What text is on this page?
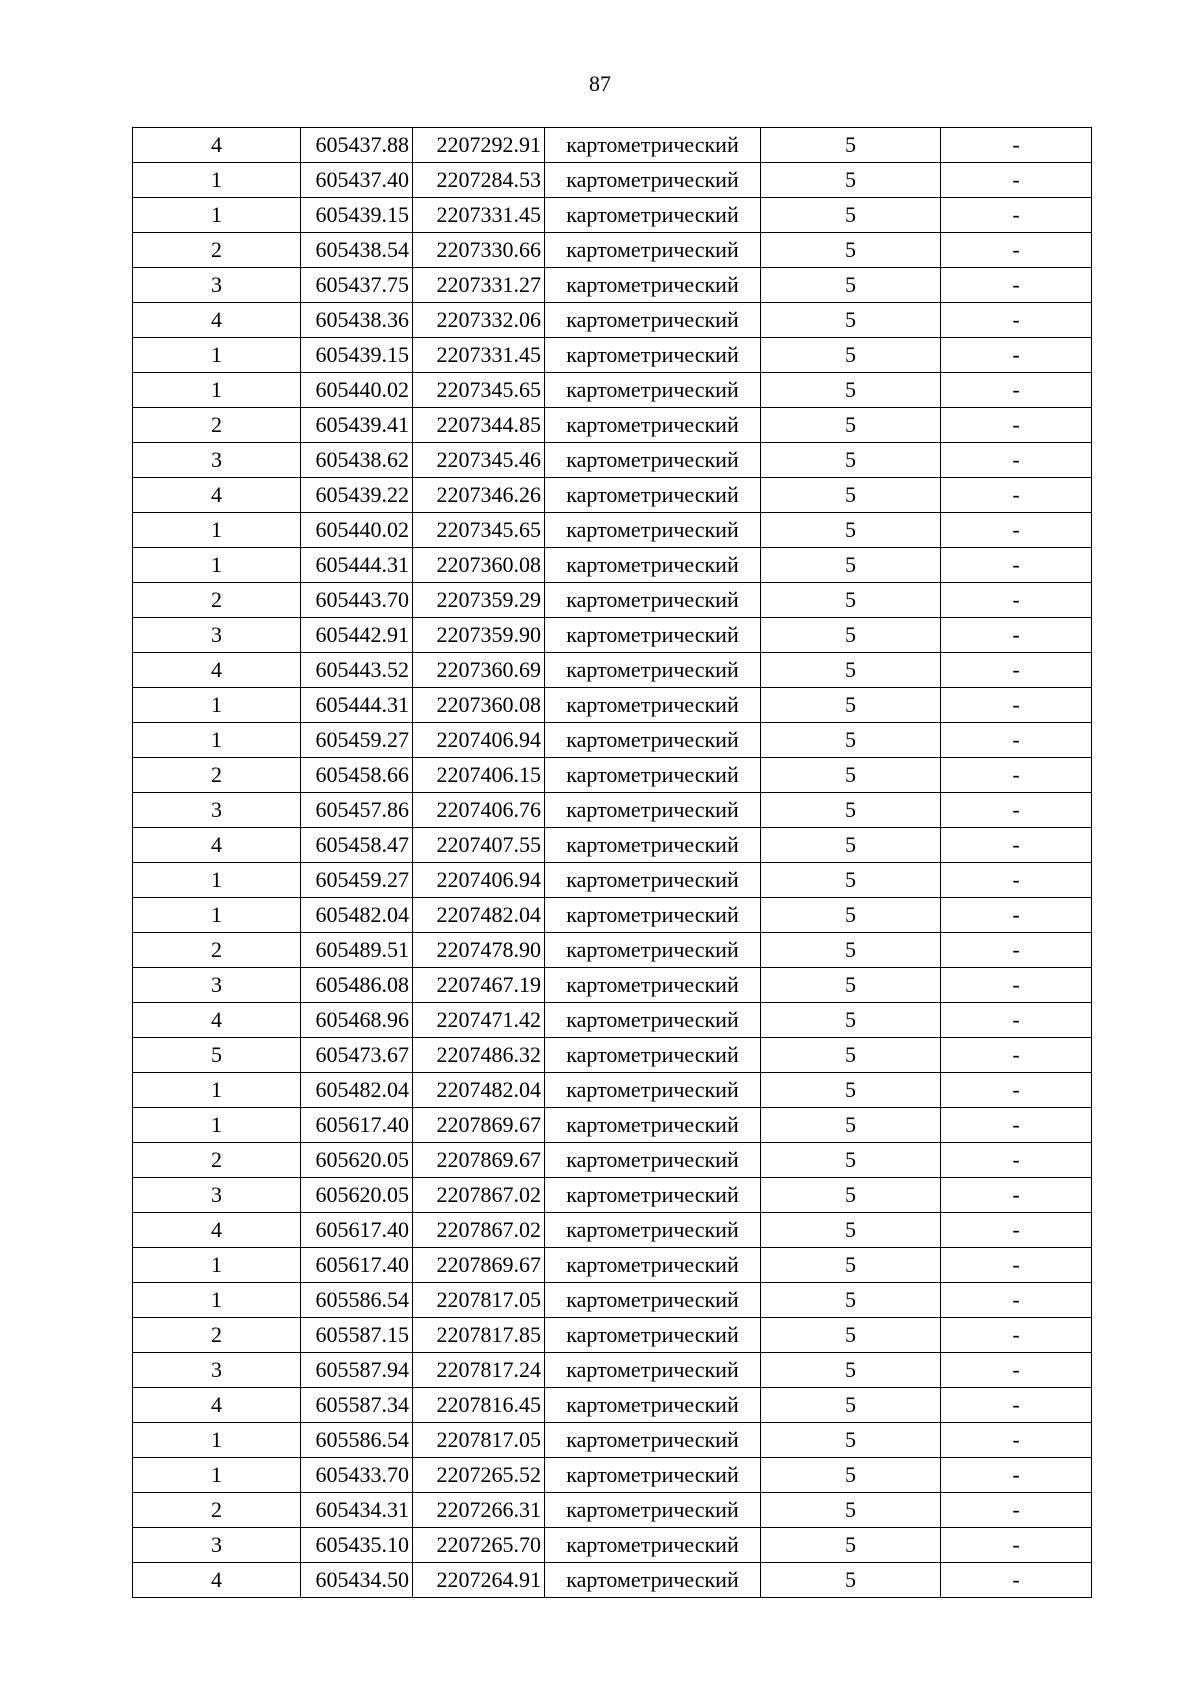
87
4	605437.88	2207292.91	картометрический	5	-
1	605437.40	2207284.53	картометрический	5	-
1	605439.15	2207331.45	картометрический	5	-
2	605438.54	2207330.66	картометрический	5	-
3	605437.75	2207331.27	картометрический	5	-
4	605438.36	2207332.06	картометрический	5	-
1	605439.15	2207331.45	картометрический	5	-
1	605440.02	2207345.65	картометрический	5	-
2	605439.41	2207344.85	картометрический	5	-
3	605438.62	2207345.46	картометрический	5	-
4	605439.22	2207346.26	картометрический	5	-
1	605440.02	2207345.65	картометрический	5	-
1	605444.31	2207360.08	картометрический	5	-
2	605443.70	2207359.29	картометрический	5	-
3	605442.91	2207359.90	картометрический	5	-
4	605443.52	2207360.69	картометрический	5	-
1	605444.31	2207360.08	картометрический	5	-
1	605459.27	2207406.94	картометрический	5	-
2	605458.66	2207406.15	картометрический	5	-
3	605457.86	2207406.76	картометрический	5	-
4	605458.47	2207407.55	картометрический	5	-
1	605459.27	2207406.94	картометрический	5	-
1	605482.04	2207482.04	картометрический	5	-
2	605489.51	2207478.90	картометрический	5	-
3	605486.08	2207467.19	картометрический	5	-
4	605468.96	2207471.42	картометрический	5	-
5	605473.67	2207486.32	картометрический	5	-
1	605482.04	2207482.04	картометрический	5	-
1	605617.40	2207869.67	картометрический	5	-
2	605620.05	2207869.67	картометрический	5	-
3	605620.05	2207867.02	картометрический	5	-
4	605617.40	2207867.02	картометрический	5	-
1	605617.40	2207869.67	картометрический	5	-
1	605586.54	2207817.05	картометрический	5	-
2	605587.15	2207817.85	картометрический	5	-
3	605587.94	2207817.24	картометрический	5	-
4	605587.34	2207816.45	картометрический	5	-
1	605586.54	2207817.05	картометрический	5	-
1	605433.70	2207265.52	картометрический	5	-
2	605434.31	2207266.31	картометрический	5	-
3	605435.10	2207265.70	картометрический	5	-
4	605434.50	2207264.91	картометрический	5	-
